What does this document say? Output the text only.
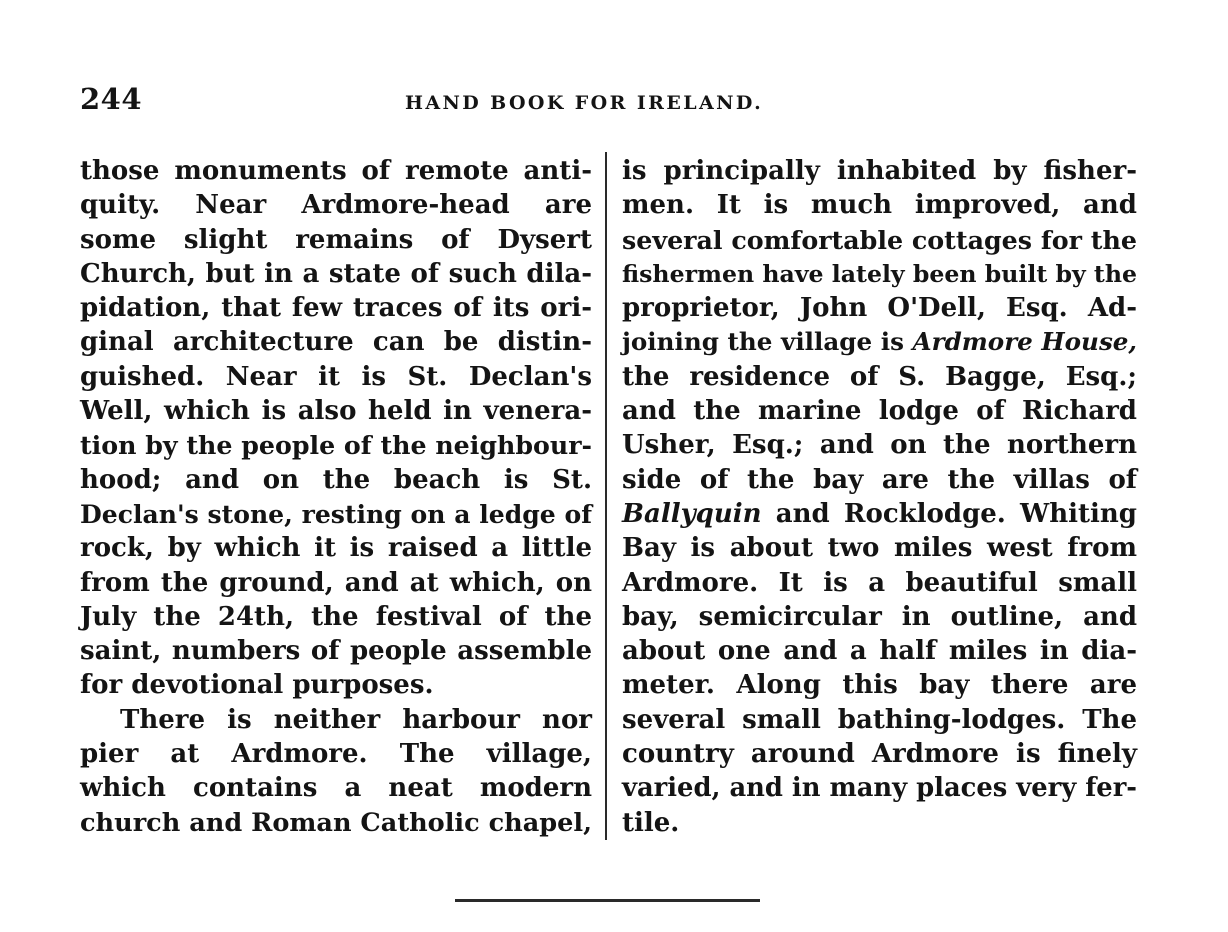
244	HAND BOOK FOR IRELAND.
those monuments of remote anti-
quity. Near Ardmore-head are
some slight remains of Dysert
Church, but in a state of such dila-
pidation, that few traces of its ori-
ginal architecture can be distin-
guished. Near it is St. Declan's
Well, which is also held in venera-
tion by the people of the neighbour-
hood; and on the beach is St.
Declan's stone, resting on a ledge of
rock, by which it is raised a little
from the ground, and at which, on
July the 24th, the festival of the
saint, numbers of people assemble
for devotional purposes.
There is neither harbour nor
pier at Ardmore. The village,
which contains a neat modern
church and Roman Catholic chapel,
is principally inhabited by fisher-
men. It is much improved, and
several comfortable cottages for the
fishermen have lately been built by the
proprietor, John O'Dell, Esq. Ad-
joining the village is Ardmore House,
the residence of S. Bagge, Esq.;
and the marine lodge of Richard
Usher, Esq.; and on the northern
side of the bay are the villas of
Ballyquin and Rocklodge. Whiting
Bay is about two miles west from
Ardmore. It is a beautiful small
bay, semicircular in outline, and
about one and a half miles in dia-
meter. Along this bay there are
several small bathing-lodges. The
country around Ardmore is finely
varied, and in many places very fer-
tile.
